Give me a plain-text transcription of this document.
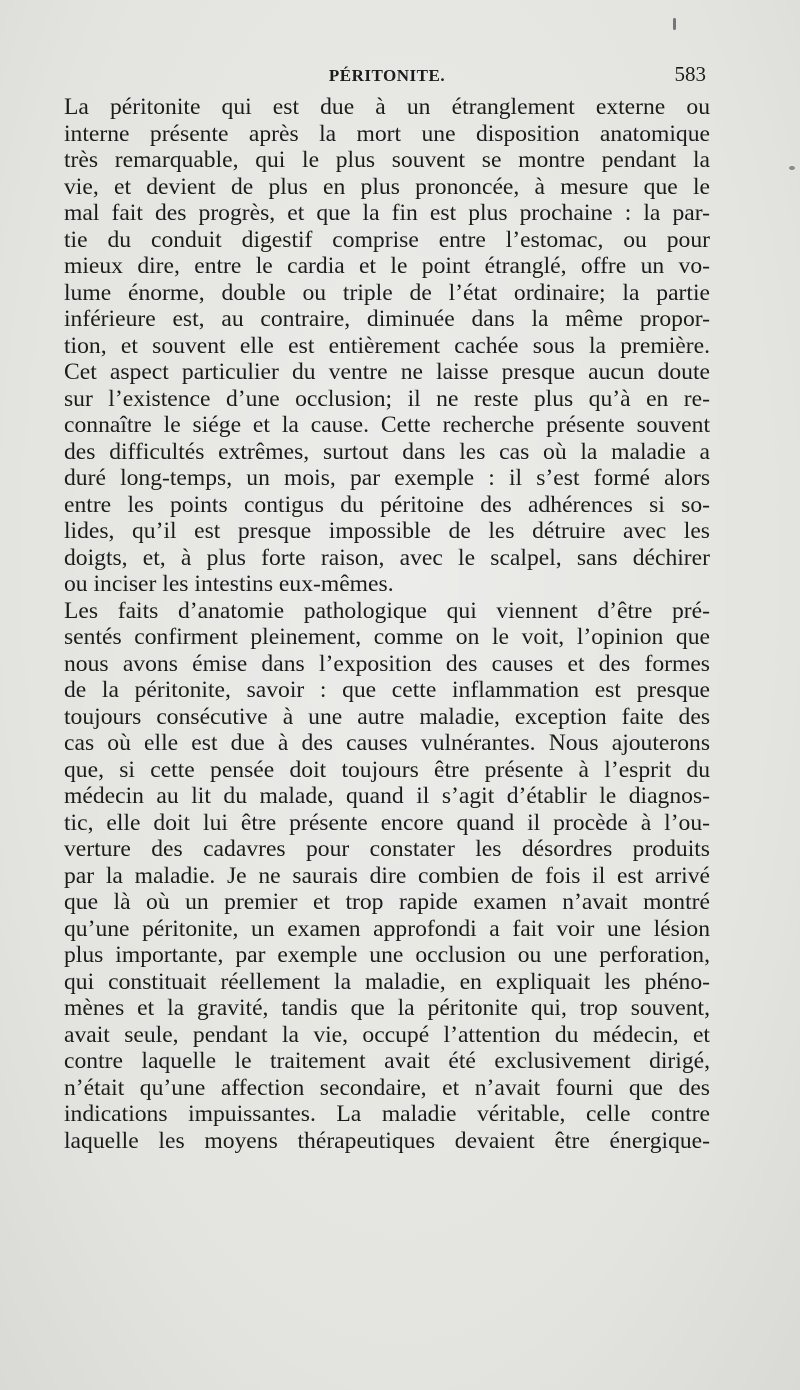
PÉRITONITE.	583
La péritonite qui est due à un étranglement externe ou
interne présente après la mort une disposition anatomique
très remarquable, qui le plus souvent se montre pendant la
vie, et devient de plus en plus prononcée, à mesure que le
mal fait des progrès, et que la fin est plus prochaine : la par-
tie du conduit digestif comprise entre l’estomac, ou pour
mieux dire, entre le cardia et le point étranglé, offre un vo-
lume énorme, double ou triple de l’état ordinaire; la partie
inférieure est, au contraire, diminuée dans la même propor-
tion, et souvent elle est entièrement cachée sous la première.
Cet aspect particulier du ventre ne laisse presque aucun doute
sur l’existence d’une occlusion; il ne reste plus qu’à en re-
connaître le siége et la cause. Cette recherche présente souvent
des difficultés extrêmes, surtout dans les cas où la maladie a
duré long-temps, un mois, par exemple : il s’est formé alors
entre les points contigus du péritoine des adhérences si so-
lides, qu’il est presque impossible de les détruire avec les
doigts, et, à plus forte raison, avec le scalpel, sans déchirer
ou inciser les intestins eux-mêmes.
Les faits d’anatomie pathologique qui viennent d’être pré-
sentés confirment pleinement, comme on le voit, l’opinion que
nous avons émise dans l’exposition des causes et des formes
de la péritonite, savoir : que cette inflammation est presque
toujours consécutive à une autre maladie, exception faite des
cas où elle est due à des causes vulnérantes. Nous ajouterons
que, si cette pensée doit toujours être présente à l’esprit du
médecin au lit du malade, quand il s’agit d’établir le diagnos-
tic, elle doit lui être présente encore quand il procède à l’ou-
verture des cadavres pour constater les désordres produits
par la maladie. Je ne saurais dire combien de fois il est arrivé
que là où un premier et trop rapide examen n’avait montré
qu’une péritonite, un examen approfondi a fait voir une lésion
plus importante, par exemple une occlusion ou une perforation,
qui constituait réellement la maladie, en expliquait les phéno-
mènes et la gravité, tandis que la péritonite qui, trop souvent,
avait seule, pendant la vie, occupé l’attention du médecin, et
contre laquelle le traitement avait été exclusivement dirigé,
n’était qu’une affection secondaire, et n’avait fourni que des
indications impuissantes. La maladie véritable, celle contre
laquelle les moyens thérapeutiques devaient être énergique-
